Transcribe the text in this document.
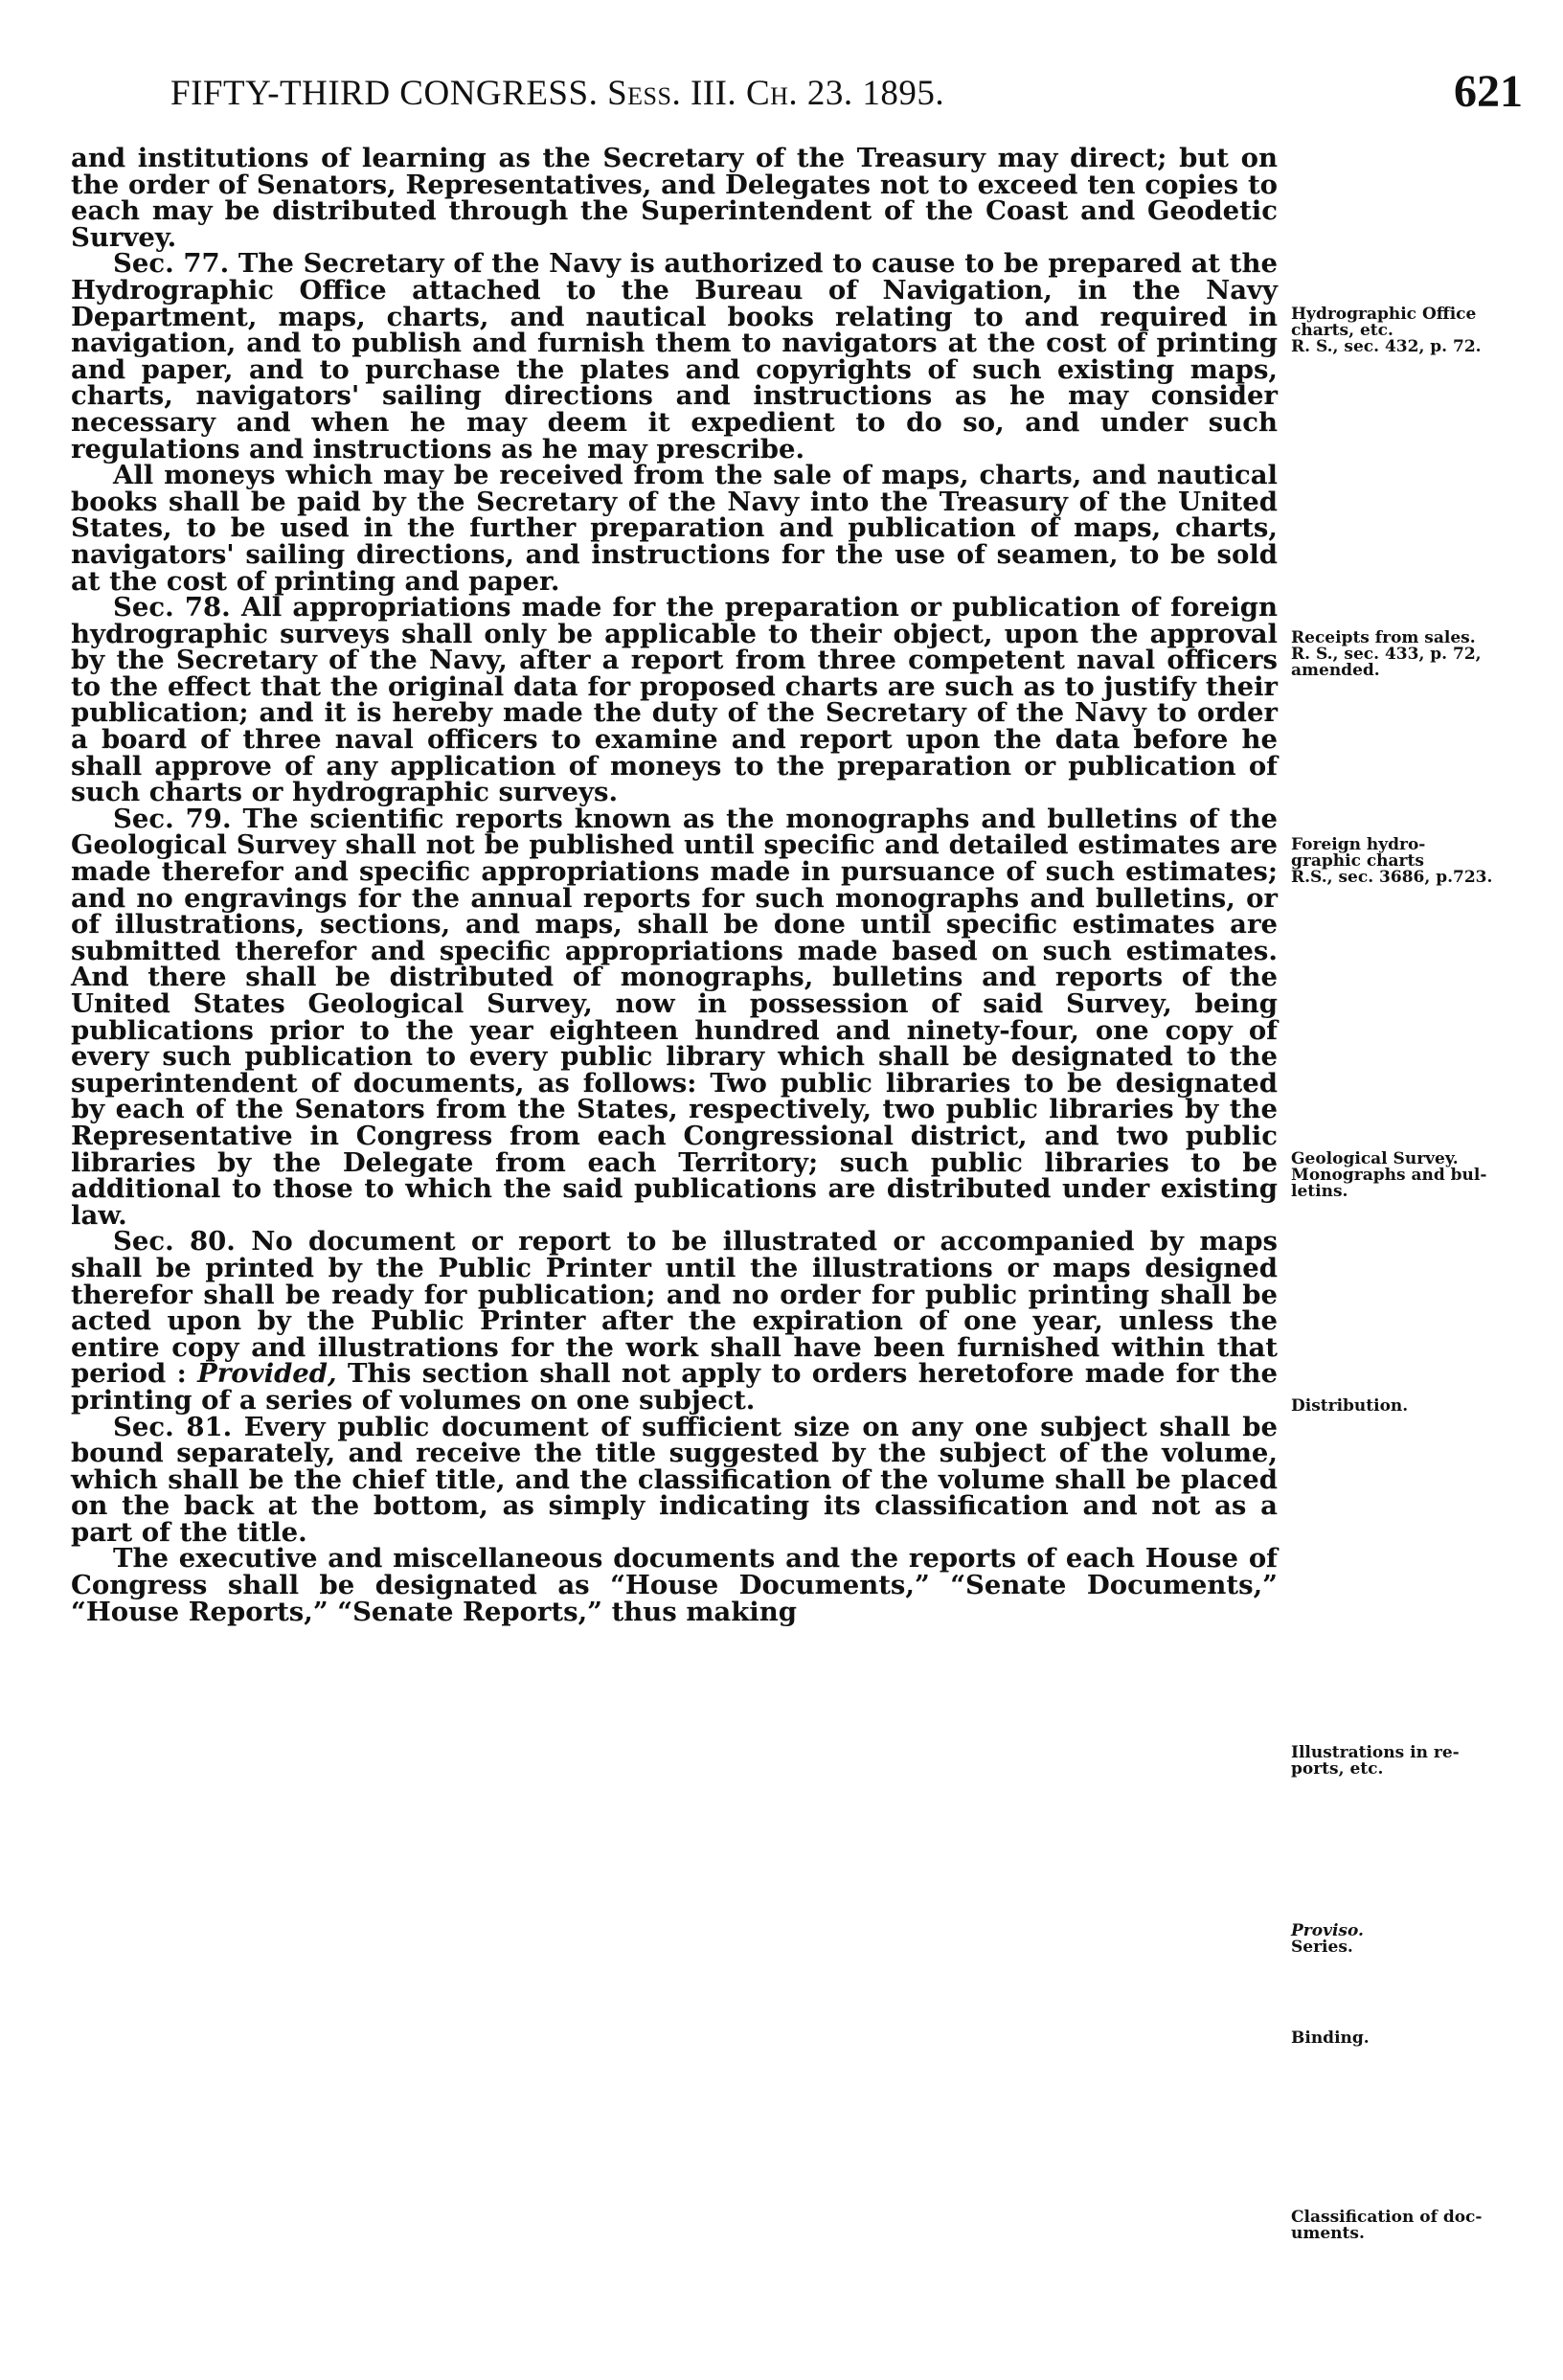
FIFTY-THIRD CONGRESS. Sess. III. Ch. 23. 1895.	621

and institutions of learning as the Secretary of the Treasury may direct; but on the order of Senators, Representatives, and Delegates not to exceed ten copies to each may be distributed through the Superintendent of the Coast and Geodetic Survey.

Sec. 77. The Secretary of the Navy is authorized to cause to be prepared at the Hydrographic Office attached to the Bureau of Navigation, in the Navy Department, maps, charts, and nautical books relating to and required in navigation, and to publish and furnish them to navigators at the cost of printing and paper, and to purchase the plates and copyrights of such existing maps, charts, navigators' sailing directions and instructions as he may consider necessary and when he may deem it expedient to do so, and under such regulations and instructions as he may prescribe.

All moneys which may be received from the sale of maps, charts, and nautical books shall be paid by the Secretary of the Navy into the Treasury of the United States, to be used in the further preparation and publication of maps, charts, navigators' sailing directions, and instructions for the use of seamen, to be sold at the cost of printing and paper.

Sec. 78. All appropriations made for the preparation or publication of foreign hydrographic surveys shall only be applicable to their object, upon the approval by the Secretary of the Navy, after a report from three competent naval officers to the effect that the original data for proposed charts are such as to justify their publication; and it is hereby made the duty of the Secretary of the Navy to order a board of three naval officers to examine and report upon the data before he shall approve of any application of moneys to the preparation or publication of such charts or hydrographic surveys.

Sec. 79. The scientific reports known as the monographs and bulletins of the Geological Survey shall not be published until specific and detailed estimates are made therefor and specific appropriations made in pursuance of such estimates; and no engravings for the annual reports for such monographs and bulletins, or of illustrations, sections, and maps, shall be done until specific estimates are submitted therefor and specific appropriations made based on such estimates. And there shall be distributed of monographs, bulletins and reports of the United States Geological Survey, now in possession of said Survey, being publications prior to the year eighteen hundred and ninety-four, one copy of every such publication to every public library which shall be designated to the superintendent of documents, as follows: Two public libraries to be designated by each of the Senators from the States, respectively, two public libraries by the Representative in Congress from each Congressional district, and two public libraries by the Delegate from each Territory; such public libraries to be additional to those to which the said publications are distributed under existing law.

Sec. 80. No document or report to be illustrated or accompanied by maps shall be printed by the Public Printer until the illustrations or maps designed therefor shall be ready for publication; and no order for public printing shall be acted upon by the Public Printer after the expiration of one year, unless the entire copy and illustrations for the work shall have been furnished within that period : Provided, This section shall not apply to orders heretofore made for the printing of a series of volumes on one subject.

Sec. 81. Every public document of sufficient size on any one subject shall be bound separately, and receive the title suggested by the subject of the volume, which shall be the chief title, and the classification of the volume shall be placed on the back at the bottom, as simply indicating its classification and not as a part of the title.

The executive and miscellaneous documents and the reports of each House of Congress shall be designated as “House Documents,” “Senate Documents,” “House Reports,” “Senate Reports,” thus making

Hydrographic Office
charts, etc.
R. S., sec. 432, p. 72.
Receipts from sales.
R. S., sec. 433, p. 72,
amended.
Foreign hydro-
graphic charts
R.S., sec. 3686, p.723.
Geological Survey.
Monographs and bul-
letins.
Distribution.
Illustrations in re-
ports, etc.
Proviso.
Series.
Binding.
Classification of doc-
uments.
